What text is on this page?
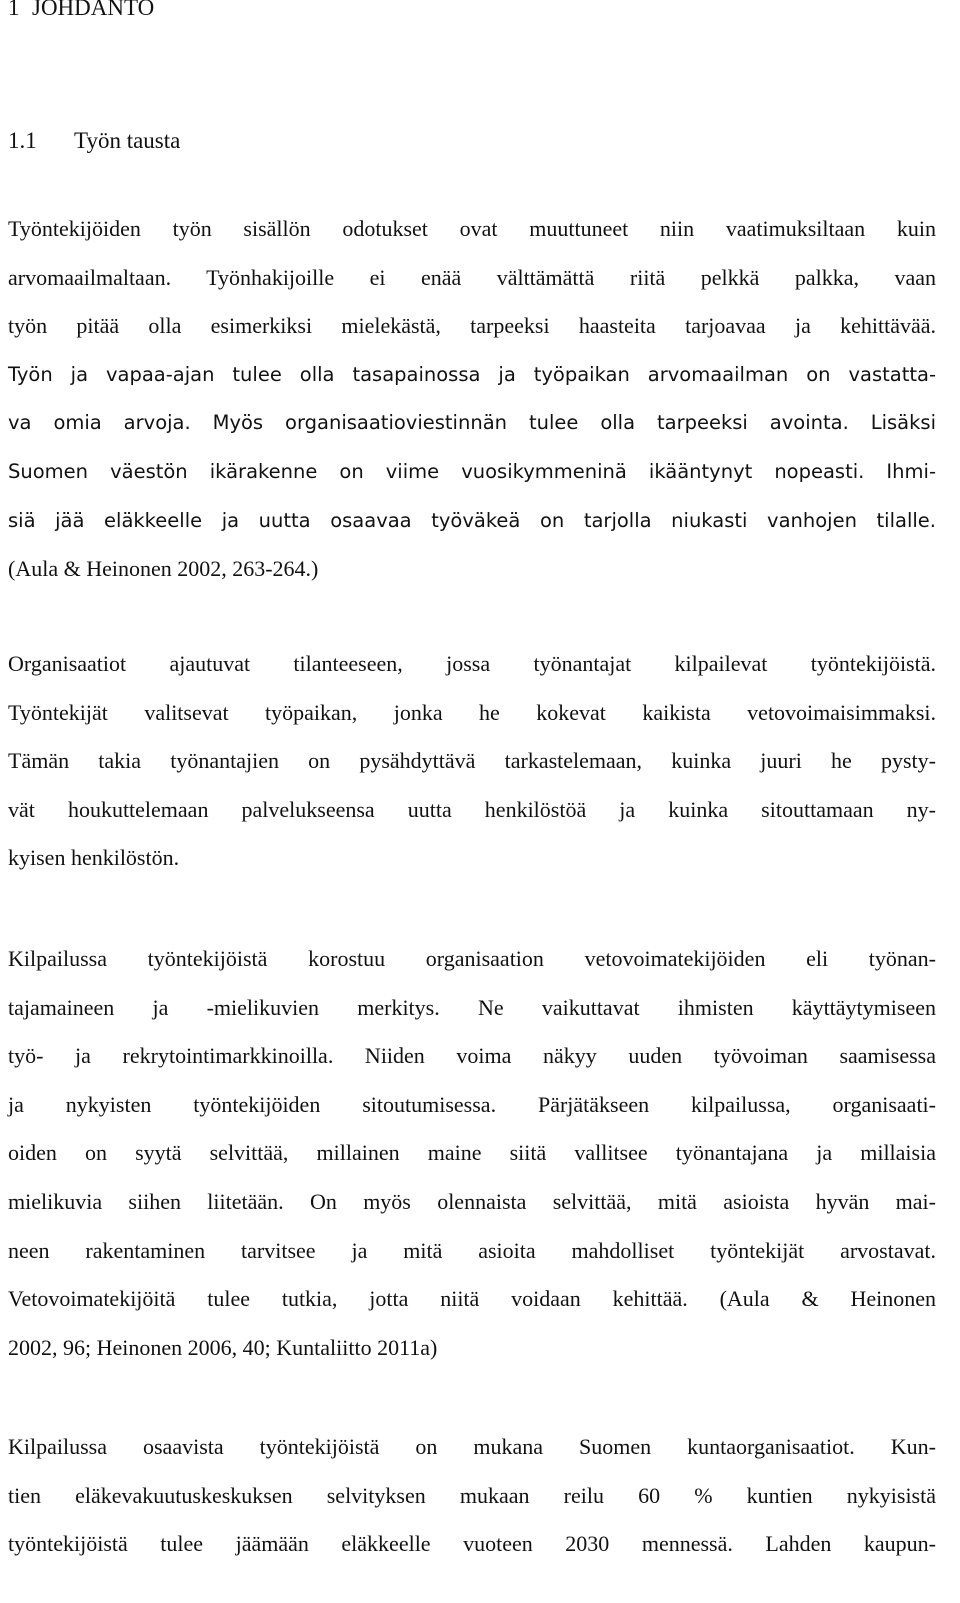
1 JOHDANTO
1.1 Työn tausta
Työntekijöiden työn sisällön odotukset ovat muuttuneet niin vaatimuksiltaan kuin
arvomaailmaltaan. Työnhakijoille ei enää välttämättä riitä pelkkä palkka, vaan
työn pitää olla esimerkiksi mielekästä, tarpeeksi haasteita tarjoavaa ja kehittävää.
Työn ja vapaa-ajan tulee olla tasapainossa ja työpaikan arvomaailman on vastatta-
va omia arvoja. Myös organisaatioviestinnän tulee olla tarpeeksi avointa. Lisäksi
Suomen väestön ikärakenne on viime vuosikymmeninä ikääntynyt nopeasti. Ihmi-
siä jää eläkkeelle ja uutta osaavaa työväkeä on tarjolla niukasti vanhojen tilalle.
(Aula & Heinonen 2002, 263-264.)
Organisaatiot ajautuvat tilanteeseen, jossa työnantajat kilpailevat työntekijöistä.
Työntekijät valitsevat työpaikan, jonka he kokevat kaikista vetovoimaisimmaksi.
Tämän takia työnantajien on pysähdyttävä tarkastelemaan, kuinka juuri he pysty-
vät houkuttelemaan palvelukseensa uutta henkilöstöä ja kuinka sitouttamaan ny-
kyisen henkilöstön.
Kilpailussa työntekijöistä korostuu organisaation vetovoimatekijöiden eli työnan-
tajamaineen ja -mielikuvien merkitys. Ne vaikuttavat ihmisten käyttäytymiseen
työ- ja rekrytointimarkkinoilla. Niiden voima näkyy uuden työvoiman saamisessa
ja nykyisten työntekijöiden sitoutumisessa. Pärjätäkseen kilpailussa, organisaati-
oiden on syytä selvittää, millainen maine siitä vallitsee työnantajana ja millaisia
mielikuvia siihen liitetään. On myös olennaista selvittää, mitä asioista hyvän mai-
neen rakentaminen tarvitsee ja mitä asioita mahdolliset työntekijät arvostavat.
Vetovoimatekijöitä tulee tutkia, jotta niitä voidaan kehittää. (Aula & Heinonen
2002, 96; Heinonen 2006, 40; Kuntaliitto 2011a)
Kilpailussa osaavista työntekijöistä on mukana Suomen kuntaorganisaatiot. Kun-
tien eläkevakuutuskeskuksen selvityksen mukaan reilu 60 % kuntien nykyisistä
työntekijöistä tulee jäämään eläkkeelle vuoteen 2030 mennessä. Lahden kaupun-
